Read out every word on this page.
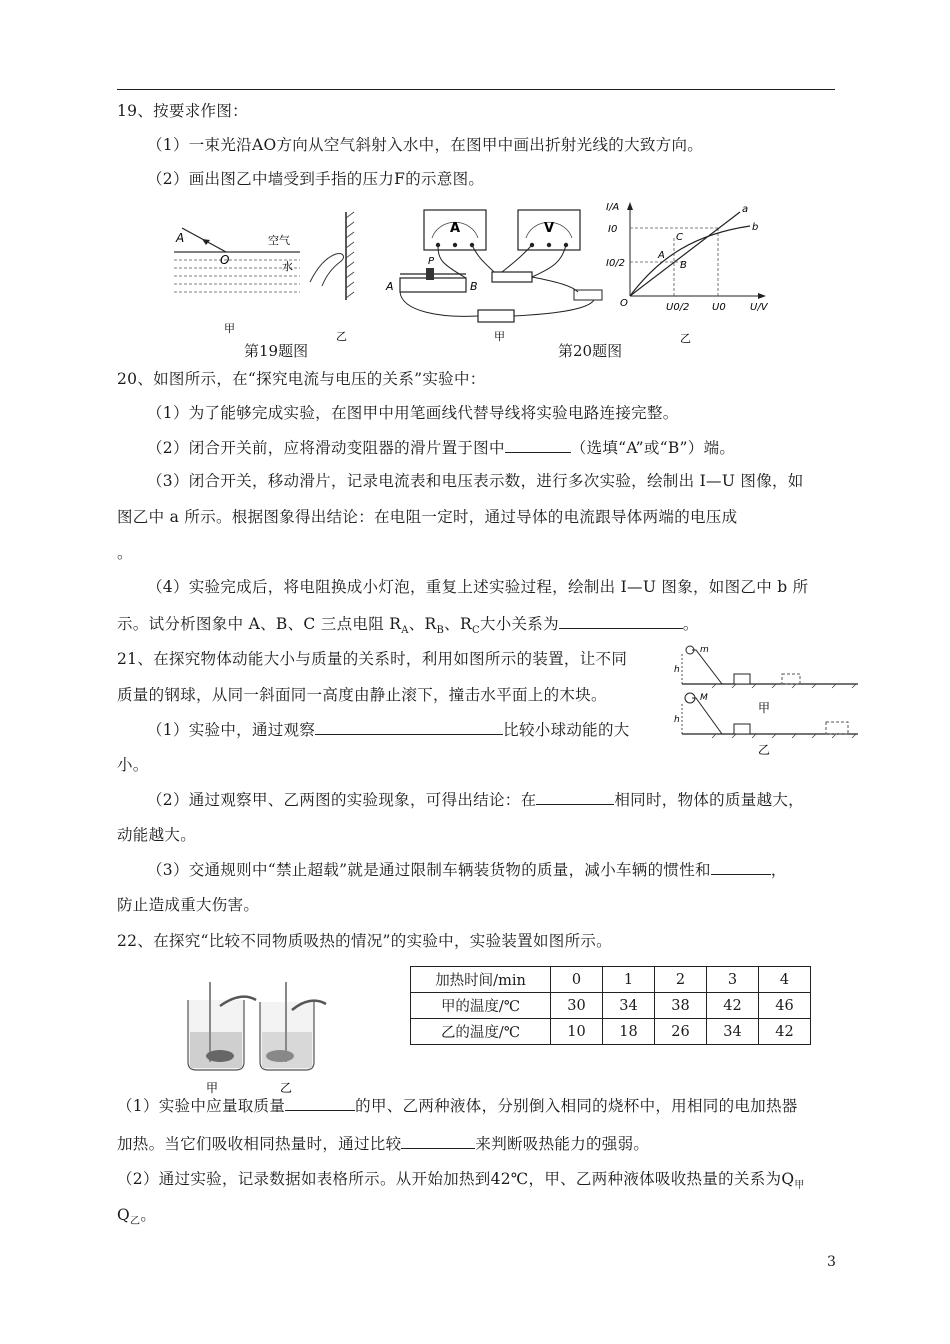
19、按要求作图：
（1）一束光沿AO方向从空气斜射入水中，在图甲中画出折射光线的大致方向。
（2）画出图乙中墙受到手指的压力F的示意图。
A
O
空气
水
甲
乙
第19题图
A	V
P
A	B
甲
I/A
U/V
I0
I0/2
O	U0/2 U0
a
b
A
B
C
乙
第20题图
20、如图所示，在“探究电流与电压的关系”实验中：
（1）为了能够完成实验，在图甲中用笔画线代替导线将实验电路连接完整。
（2）闭合开关前，应将滑动变阻器的滑片置于图中	（选填“A”或“B”）端。
（3）闭合开关，移动滑片，记录电流表和电压表示数，进行多次实验，绘制出 I—U 图像，如
图乙中 a 所示。根据图象得出结论：在电阻一定时，通过导体的电流跟导体两端的电压成
。
（4）实验完成后，将电阻换成小灯泡，重复上述实验过程，绘制出 I—U 图象，如图乙中 b 所
示。试分析图象中 A、B、C 三点电阻 $R_A$、$R_B$、$R_C$大小关系为	。
21、在探究物体动能大小与质量的关系时，利用如图所示的装置，让不同
质量的钢球，从同一斜面同一高度由静止滚下，撞击水平面上的木块。
（1）实验中，通过观察	比较小球动能的大
小。
（2）通过观察甲、乙两图的实验现象，可得出结论：在	相同时，物体的质量越大，
动能越大。
（3）交通规则中“禁止超载”就是通过限制车辆装货物的质量，减小车辆的惯性和	，
防止造成重大伤害。
m
h
M
h
甲
乙
22、在探究“比较不同物质吸热的情况”的实验中，实验装置如图所示。
甲	乙
加热时间/min	0	1	2	3	4
甲的温度/℃	30	34	38	42	46
乙的温度/℃	10	18	26	34	42
（1）实验中应量取质量	的甲、乙两种液体，分别倒入相同的烧杯中，用相同的电加热器
加热。当它们吸收相同热量时，通过比较	来判断吸热能力的强弱。
（2）通过实验，记录数据如表格所示。从开始加热到42℃，甲、乙两种液体吸收热量的关系为$Q_甲$
$Q_乙$。
3
